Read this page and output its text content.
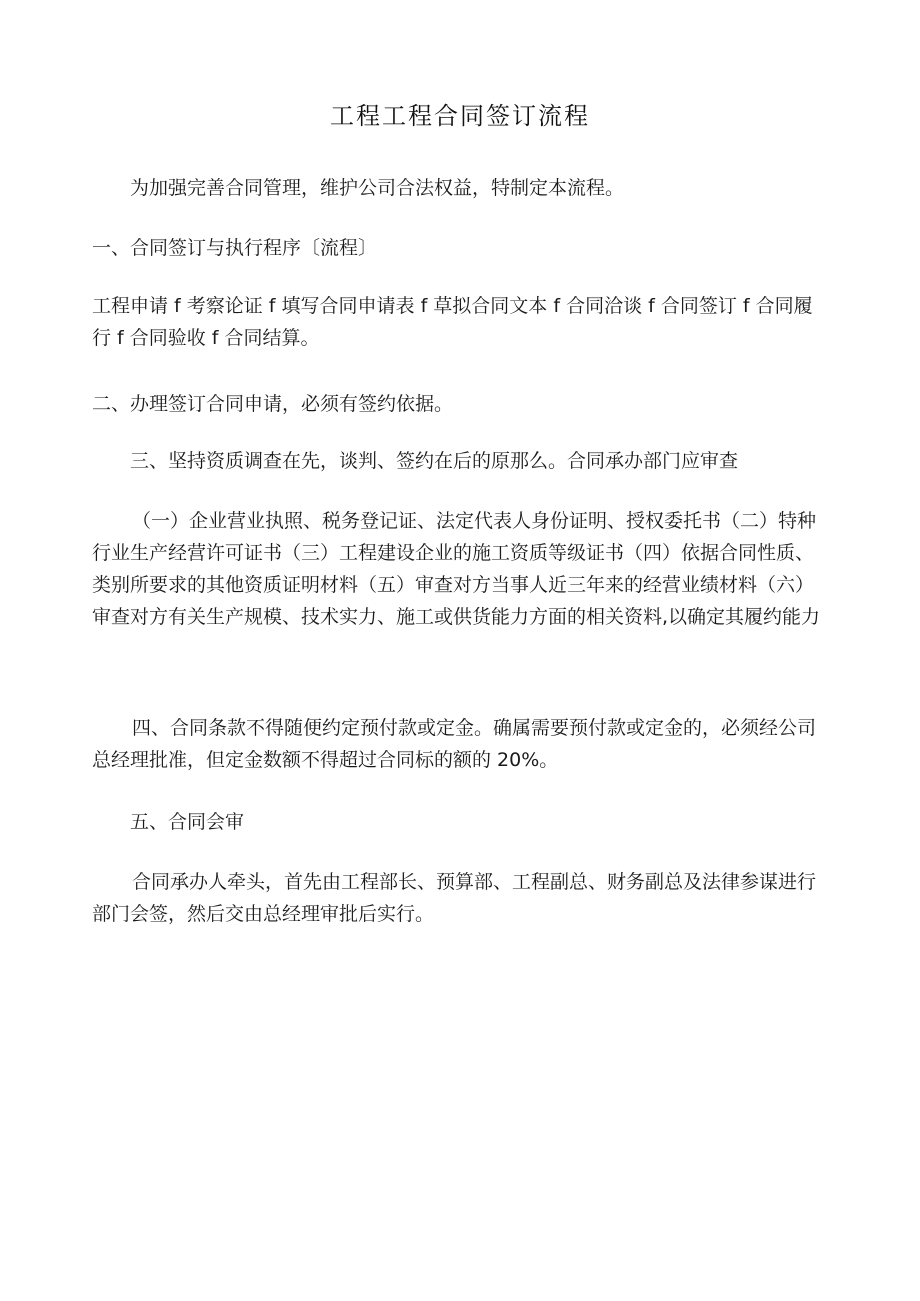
工程工程合同签订流程

为加强完善合同管理，维护公司合法权益，特制定本流程。

一、合同签订与执行程序〔流程〕

工程申请 f 考察论证 f 填写合同申请表 f 草拟合同文本 f 合同洽谈 f 合同签订 f 合同履行 f 合同验收 f 合同结算。

二、办理签订合同申请，必须有签约依据。

三、坚持资质调查在先，谈判、签约在后的原那么。合同承办部门应审查

（一）企业营业执照、税务登记证、法定代表人身份证明、授权委托书（二）特种行业生产经营许可证书（三）工程建设企业的施工资质等级证书（四）依据合同性质、类别所要求的其他资质证明材料（五）审查对方当事人近三年来的经营业绩材料（六）审查对方有关生产规模、技术实力、施工或供货能力方面的相关资料,以确定其履约能力

四、合同条款不得随便约定预付款或定金。确属需要预付款或定金的，必须经公司总经理批准，但定金数额不得超过合同标的额的 20%。

五、合同会审

合同承办人牵头，首先由工程部长、预算部、工程副总、财务副总及法律参谋进行部门会签，然后交由总经理审批后实行。
